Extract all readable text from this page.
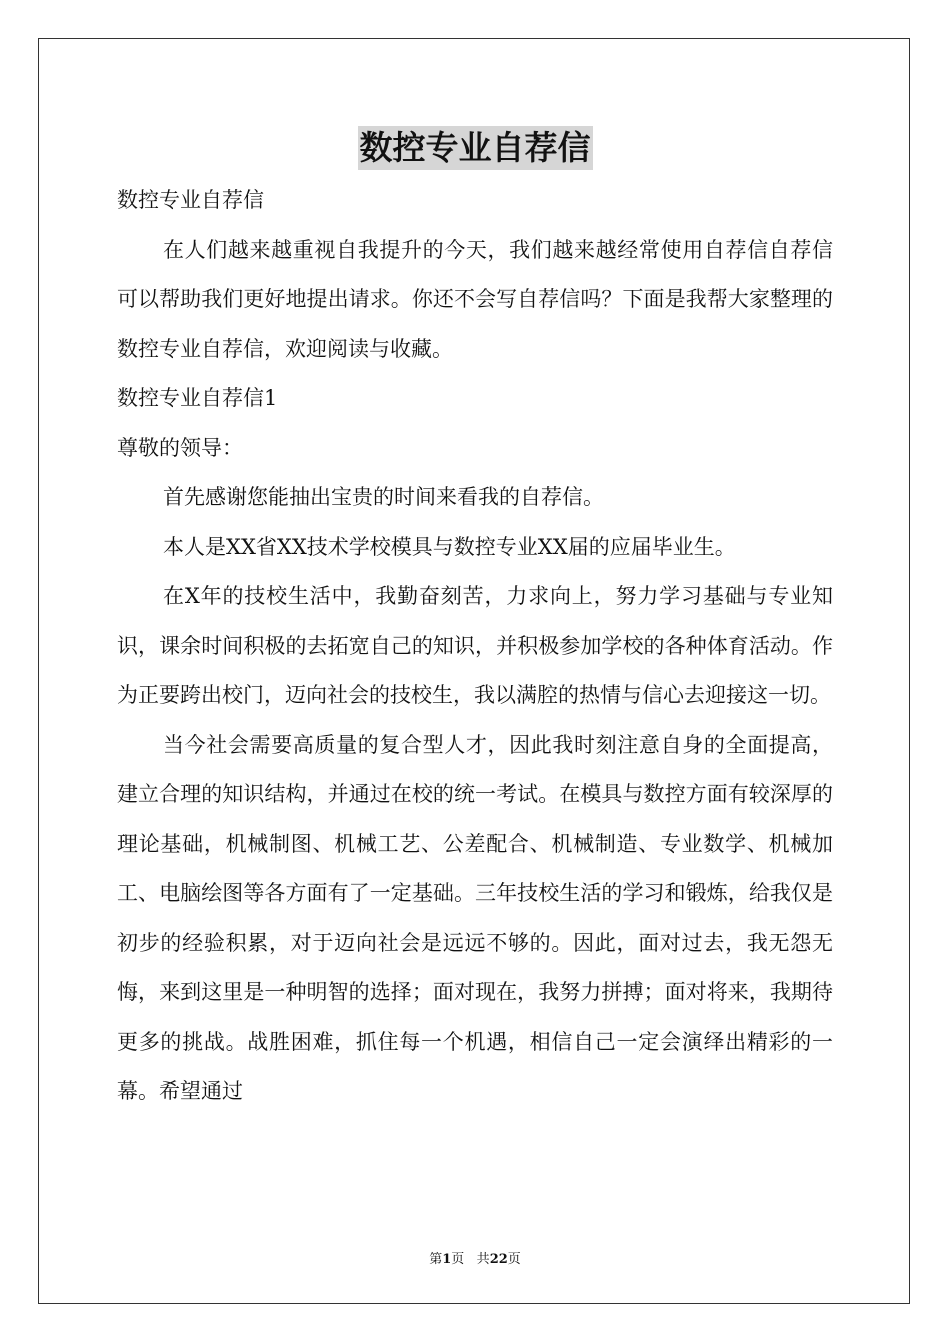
数控专业自荐信

数控专业自荐信

在人们越来越重视自我提升的今天，我们越来越经常使用自荐信自荐信可以帮助我们更好地提出请求。你还不会写自荐信吗？下面是我帮大家整理的数控专业自荐信，欢迎阅读与收藏。

数控专业自荐信1

尊敬的领导：

首先感谢您能抽出宝贵的时间来看我的自荐信。

本人是XX省XX技术学校模具与数控专业XX届的应届毕业生。

在X年的技校生活中，我勤奋刻苦，力求向上，努力学习基础与专业知识，课余时间积极的去拓宽自己的知识，并积极参加学校的各种体育活动。作为正要跨出校门，迈向社会的技校生，我以满腔的热情与信心去迎接这一切。

当今社会需要高质量的复合型人才，因此我时刻注意自身的全面提高，建立合理的知识结构，并通过在校的统一考试。在模具与数控方面有较深厚的理论基础，机械制图、机械工艺、公差配合、机械制造、专业数学、机械加工、电脑绘图等各方面有了一定基础。三年技校生活的学习和锻炼，给我仅是初步的经验积累，对于迈向社会是远远不够的。因此，面对过去，我无怨无悔，来到这里是一种明智的选择；面对现在，我努力拼搏；面对将来，我期待更多的挑战。战胜困难，抓住每一个机遇，相信自己一定会演绎出精彩的一幕。希望通过

第1页 共22页
